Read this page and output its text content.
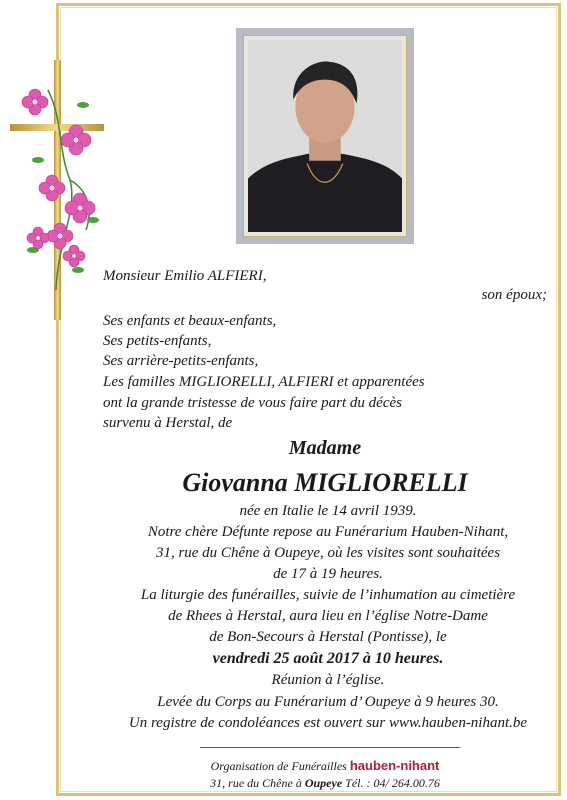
Monsieur Emilio ALFIERI,
son époux;
Ses enfants et beaux-enfants,
Ses petits-enfants,
Ses arrière-petits-enfants,
Les familles MIGLIORELLI, ALFIERI et apparentées
ont la grande tristesse de vous faire part du décès
survenu à Herstal, de
Madame
Giovanna MIGLIORELLI
née en Italie le 14 avril 1939.
Notre chère Défunte repose au Funérarium Hauben-Nihant,
31, rue du Chêne à Oupeye, où les visites sont souhaitées
de 17 à 19 heures.
La liturgie des funérailles, suivie de l’inhumation au cimetière
de Rhees à Herstal, aura lieu en l’église Notre-Dame
de Bon-Secours à Herstal (Pontisse), le
vendredi 25 août 2017 à 10 heures.
Réunion à l’église.
Levée du Corps au Funérarium d’ Oupeye à 9 heures 30.
Un registre de condoléances est ouvert sur www.hauben-nihant.be
Organisation de Funérailles hauben-nihant
31, rue du Chêne à Oupeye Tél. : 04/ 264.00.76
